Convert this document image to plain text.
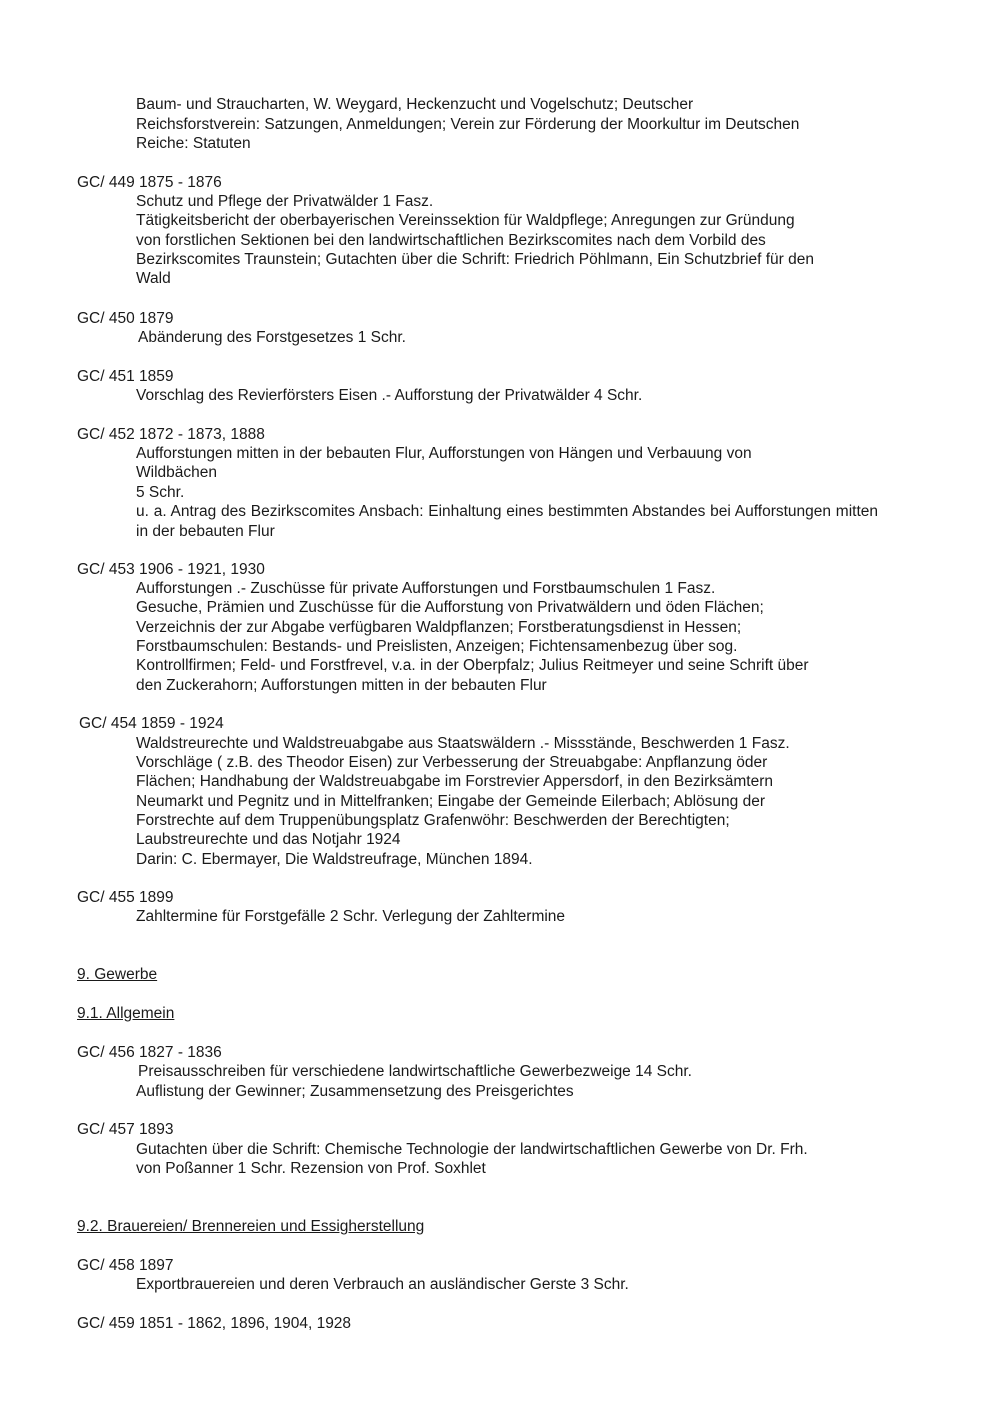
Baum- und Straucharten, W. Weygard, Heckenzucht und Vogelschutz; Deutscher
Reichsforstverein: Satzungen, Anmeldungen; Verein zur Förderung der Moorkultur im Deutschen
Reiche: Statuten
GC/ 449 1875 - 1876
Schutz und Pflege der Privatwälder 1 Fasz.
Tätigkeitsbericht der oberbayerischen Vereinssektion für Waldpflege; Anregungen zur Gründung
von forstlichen Sektionen bei den landwirtschaftlichen Bezirkscomites nach dem Vorbild des
Bezirkscomites Traunstein; Gutachten über die Schrift: Friedrich Pöhlmann, Ein Schutzbrief für den
Wald
GC/ 450 1879
Abänderung des Forstgesetzes 1 Schr.
GC/ 451 1859
Vorschlag des Revierförsters Eisen .- Aufforstung der Privatwälder 4 Schr.
GC/ 452 1872 - 1873, 1888
Aufforstungen mitten in der bebauten Flur, Aufforstungen von Hängen und Verbauung von
Wildbächen
5 Schr.
u. a. Antrag des Bezirkscomites Ansbach: Einhaltung eines bestimmten Abstandes bei Aufforstungen mitten in der bebauten Flur
GC/ 453 1906 - 1921, 1930
Aufforstungen .- Zuschüsse für private Aufforstungen und Forstbaumschulen 1 Fasz.
Gesuche, Prämien und Zuschüsse für die Aufforstung von Privatwäldern und öden Flächen;
Verzeichnis der zur Abgabe verfügbaren Waldpflanzen; Forstberatungsdienst in Hessen;
Forstbaumschulen: Bestands- und Preislisten, Anzeigen; Fichtensamenbezug über sog.
Kontrollfirmen; Feld- und Forstfrevel, v.a. in der Oberpfalz; Julius Reitmeyer und seine Schrift über
den Zuckerahorn; Aufforstungen mitten in der bebauten Flur
GC/ 454 1859 - 1924
Waldstreurechte und Waldstreuabgabe aus Staatswäldern .- Missstände, Beschwerden 1 Fasz.
Vorschläge ( z.B. des Theodor Eisen) zur Verbesserung der Streuabgabe: Anpflanzung öder
Flächen; Handhabung der Waldstreuabgabe im Forstrevier Appersdorf, in den Bezirksämtern
Neumarkt und Pegnitz und in Mittelfranken; Eingabe der Gemeinde Eilerbach; Ablösung der
Forstrechte auf dem Truppenübungsplatz Grafenwöhr: Beschwerden der Berechtigten;
Laubstreurechte und das Notjahr 1924
Darin: C. Ebermayer, Die Waldstreufrage, München 1894.
GC/ 455 1899
Zahltermine für Forstgefälle 2 Schr. Verlegung der Zahltermine
9. Gewerbe
9.1. Allgemein
GC/ 456 1827 - 1836
Preisausschreiben für verschiedene landwirtschaftliche Gewerbezweige 14 Schr.
Auflistung der Gewinner; Zusammensetzung des Preisgerichtes
GC/ 457 1893
Gutachten über die Schrift: Chemische Technologie der landwirtschaftlichen Gewerbe von Dr. Frh.
von Poßanner 1 Schr. Rezension von Prof. Soxhlet
9.2. Brauereien/ Brennereien und Essigherstellung
GC/ 458 1897
Exportbrauereien und deren Verbrauch an ausländischer Gerste 3 Schr.
GC/ 459 1851 - 1862, 1896, 1904, 1928
